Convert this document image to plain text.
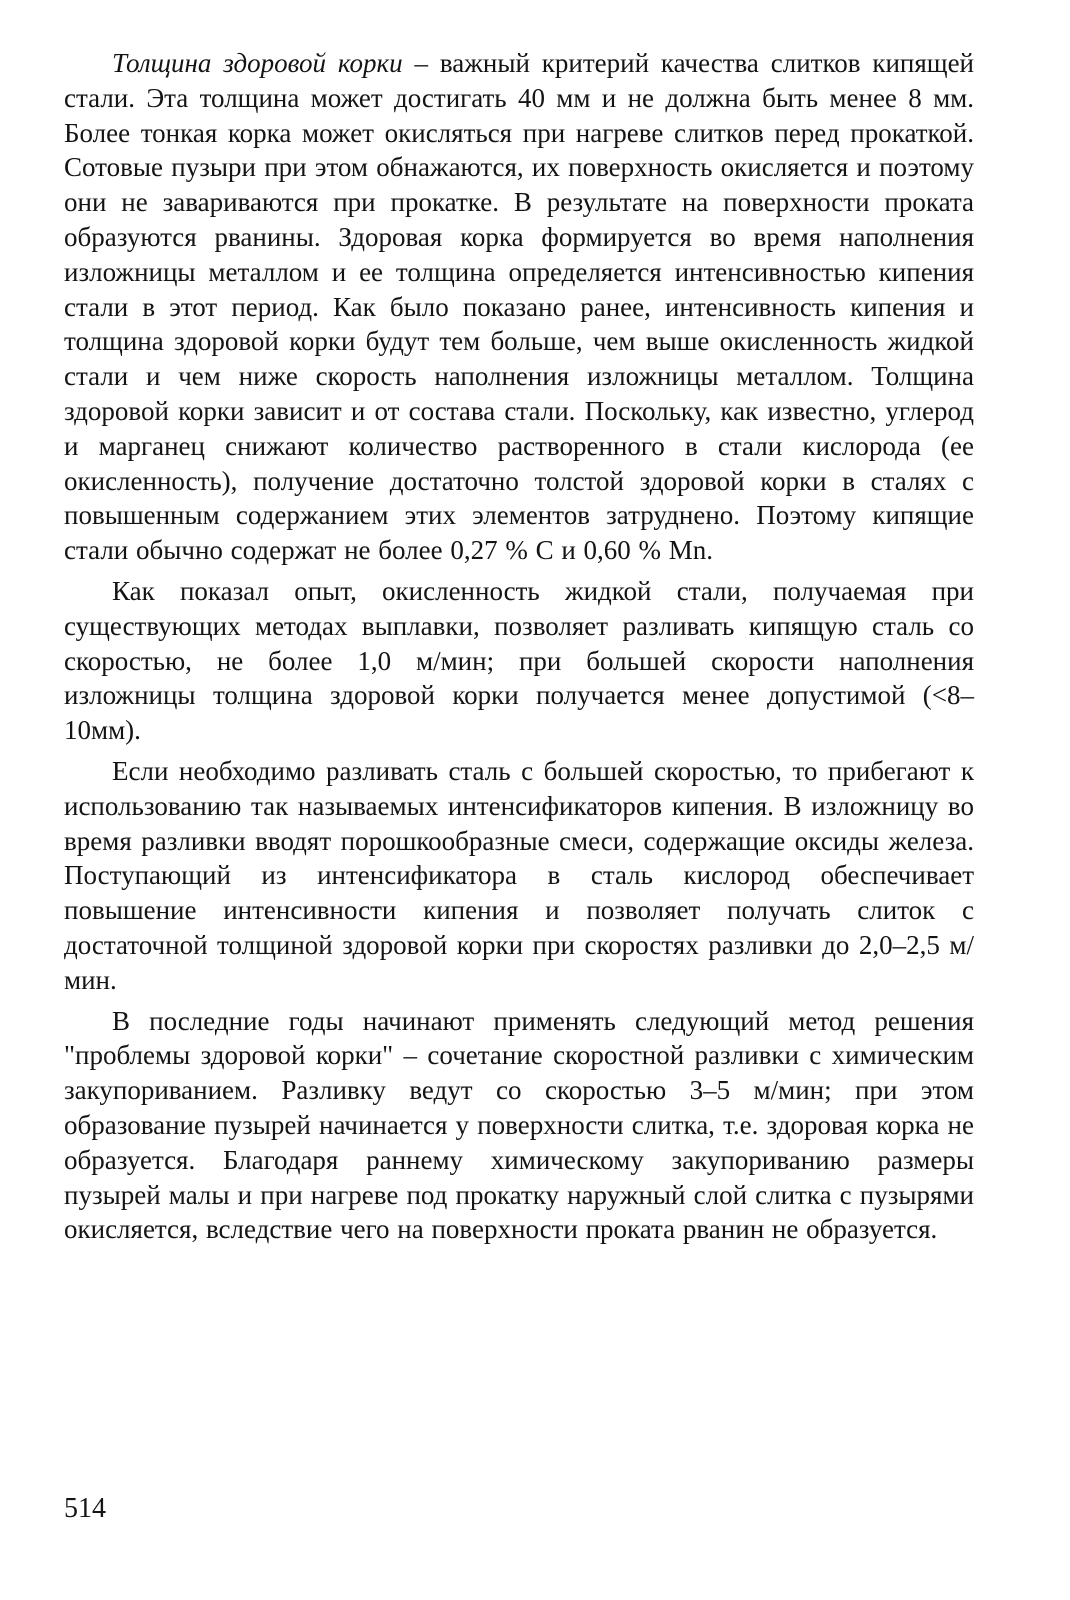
Толщина здоровой корки – важный критерий качества слитков кипящей стали. Эта толщина может достигать 40 мм и не должна быть менее 8 мм. Более тонкая корка может окисляться при нагреве слитков перед прокаткой. Сотовые пузыри при этом обнажаются, их поверхность окисляется и поэтому они не завариваются при прокатке. В результате на поверхности проката образуются рванины. Здоровая корка формируется во время наполнения изложницы металлом и ее толщина определяется интенсивностью кипения стали в этот период. Как было показано ранее, интенсивность кипения и толщина здоровой корки будут тем больше, чем выше окисленность жидкой стали и чем ниже скорость наполнения изложницы металлом. Толщина здоровой корки зависит и от состава стали. Поскольку, как известно, углерод и марганец снижают количество растворенного в стали кислорода (ее окисленность), получение достаточно толстой здоровой корки в сталях с повышенным содержанием этих элементов затруднено. Поэтому кипящие стали обычно содержат не более 0,27 % C и 0,60 % Mn.

Как показал опыт, окисленность жидкой стали, получаемая при существующих методах выплавки, позволяет разливать кипящую сталь со скоростью, не более 1,0 м/мин; при большей скорости наполнения изложницы толщина здоровой корки получается менее допустимой (<8–10мм).

Если необходимо разливать сталь с большей скоростью, то прибегают к использованию так называемых интенсификаторов кипения. В изложницу во время разливки вводят порошкообразные смеси, содержащие оксиды железа. Поступающий из интенсификатора в сталь кислород обеспечивает повышение интенсивности кипения и позволяет получать слиток с достаточной толщиной здоровой корки при скоростях разливки до 2,0–2,5 м/мин.

В последние годы начинают применять следующий метод решения "проблемы здоровой корки" – сочетание скоростной разливки с химическим закупориванием. Разливку ведут со скоростью 3–5 м/мин; при этом образование пузырей начинается у поверхности слитка, т.е. здоровая корка не образуется. Благодаря раннему химическому закупориванию размеры пузырей малы и при нагреве под прокатку наружный слой слитка с пузырями окисляется, вследствие чего на поверхности проката рванин не образуется.

514
